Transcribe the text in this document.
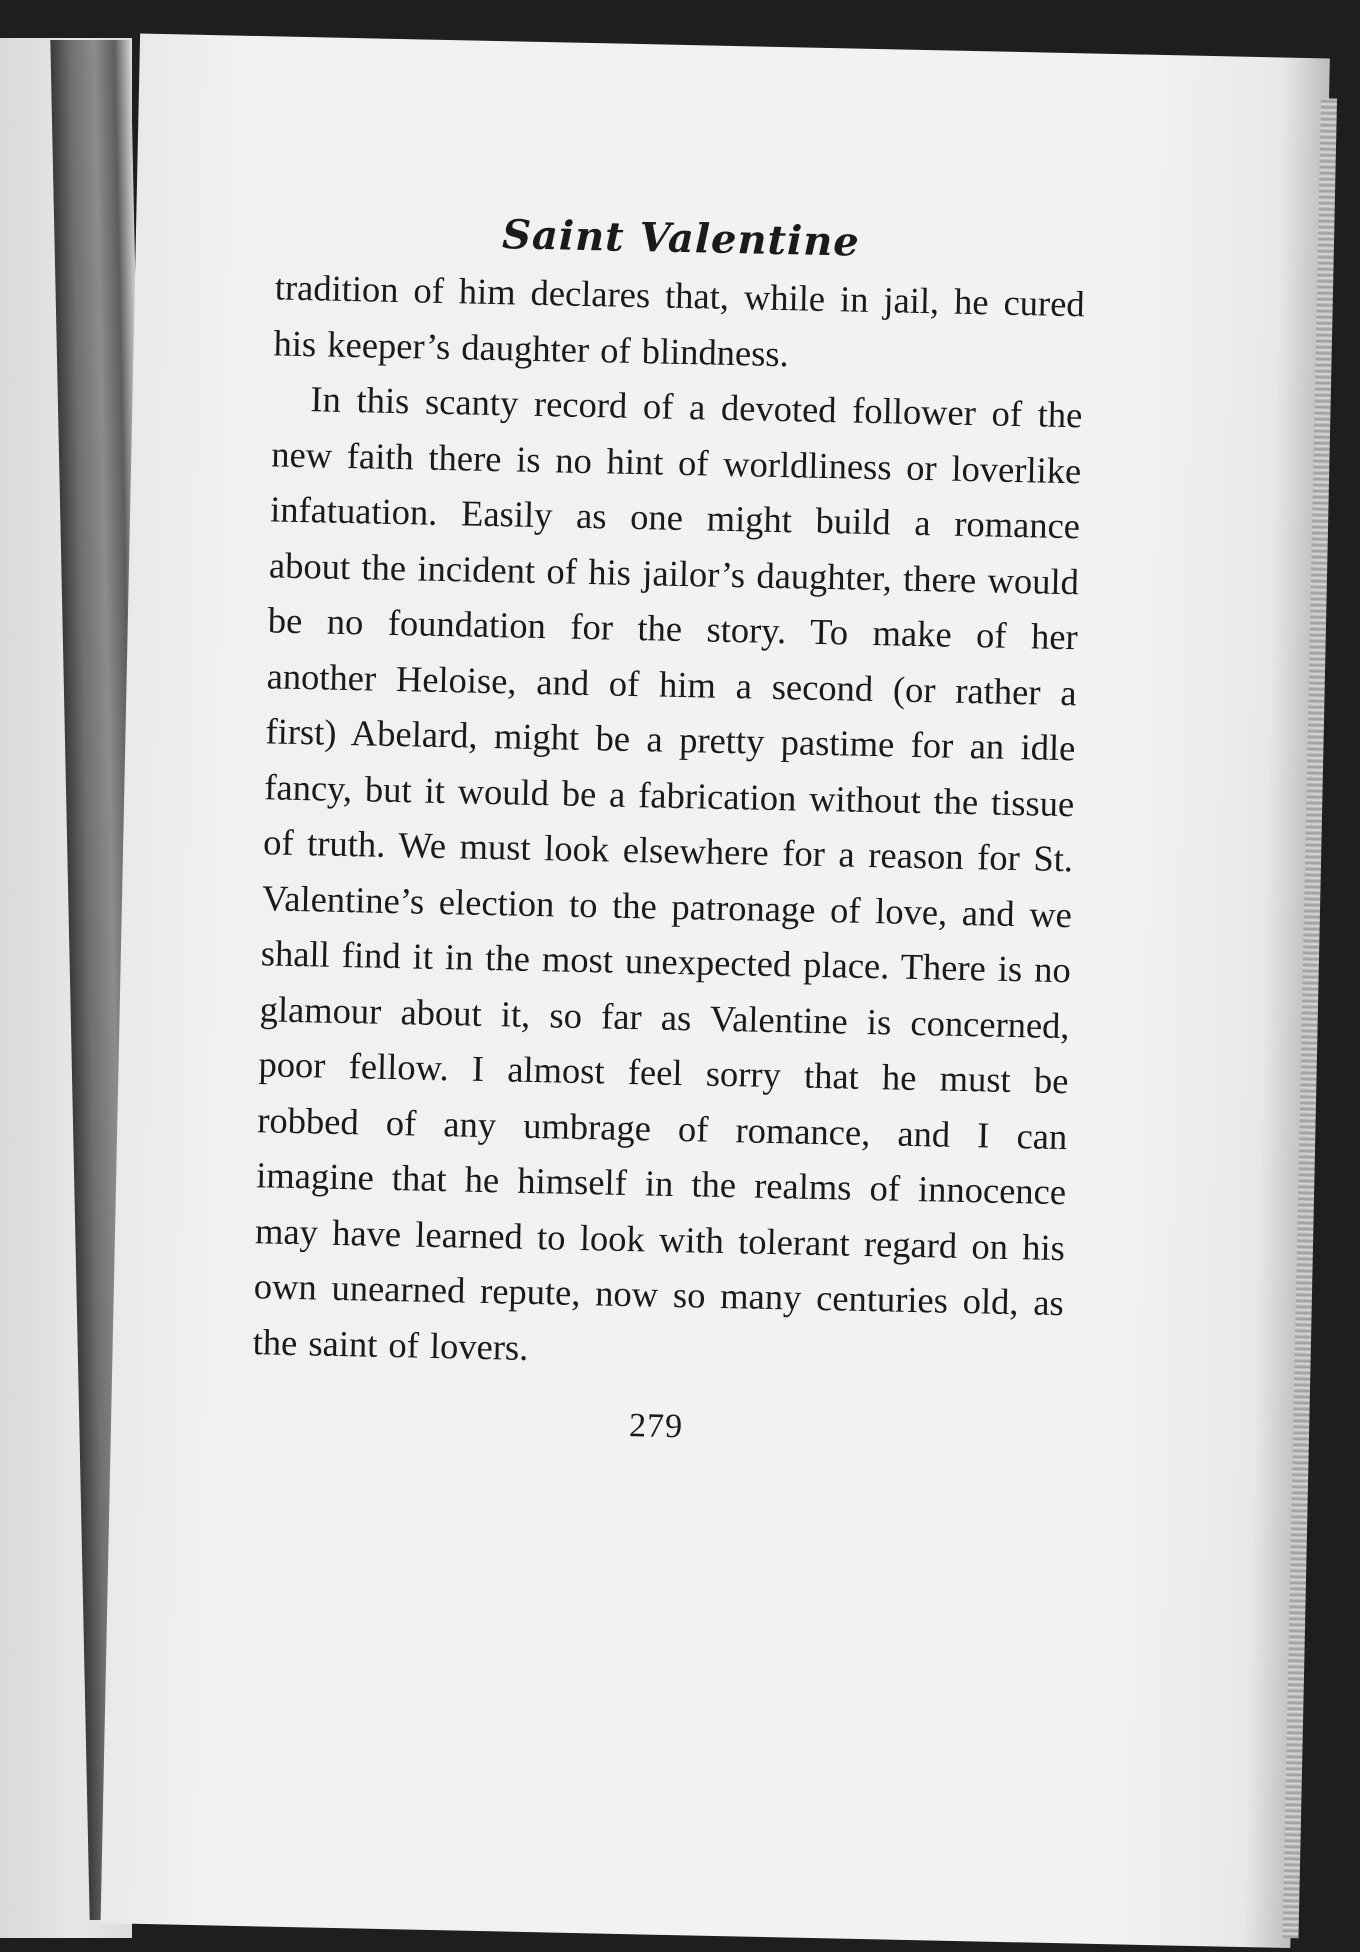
Saint Valentine

tradition of him declares that, while in jail, he cured his keeper’s daughter of blindness.

In this scanty record of a devoted follower of the new faith there is no hint of worldliness or loverlike infatuation. Easily as one might build a romance about the incident of his jailor’s daughter, there would be no foundation for the story. To make of her another Heloise, and of him a second (or rather a first) Abelard, might be a pretty pastime for an idle fancy, but it would be a fabrication without the tissue of truth. We must look elsewhere for a reason for St. Valentine’s election to the patronage of love, and we shall find it in the most unexpected place. There is no glamour about it, so far as Valentine is concerned, poor fellow. I almost feel sorry that he must be robbed of any umbrage of romance, and I can imagine that he himself in the realms of innocence may have learned to look with tolerant regard on his own unearned repute, now so many centuries old, as the saint of lovers.

279
